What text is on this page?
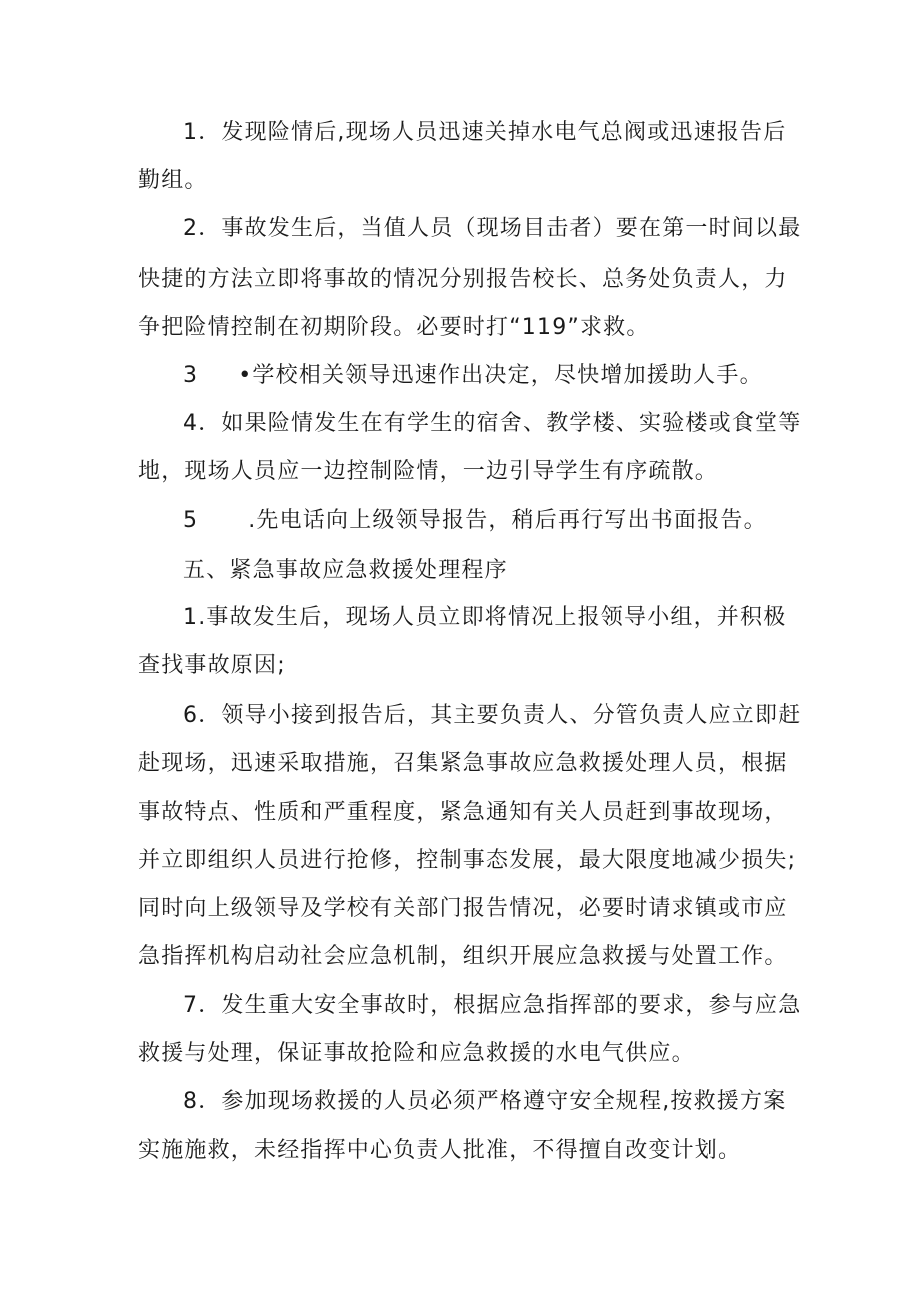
1．发现险情后,现场人员迅速关掉水电气总阀或迅速报告后
勤组。
2．事故发生后，当值人员（现场目击者）要在第一时间以最
快捷的方法立即将事故的情况分别报告校长、总务处负责人，力
争把险情控制在初期阶段。必要时打“119”求救。
3 •学校相关领导迅速作出决定，尽快增加援助人手。
4．如果险情发生在有学生的宿舍、教学楼、实验楼或食堂等
地，现场人员应一边控制险情，一边引导学生有序疏散。
5 .先电话向上级领导报告，稍后再行写出书面报告。
五、紧急事故应急救援处理程序
1.事故发生后，现场人员立即将情况上报领导小组，并积极
查找事故原因;
6．领导小接到报告后，其主要负责人、分管负责人应立即赶
赴现场，迅速采取措施，召集紧急事故应急救援处理人员，根据
事故特点、性质和严重程度，紧急通知有关人员赶到事故现场，
并立即组织人员进行抢修，控制事态发展，最大限度地减少损失;
同时向上级领导及学校有关部门报告情况，必要时请求镇或市应
急指挥机构启动社会应急机制，组织开展应急救援与处置工作。
7．发生重大安全事故时，根据应急指挥部的要求，参与应急
救援与处理，保证事故抢险和应急救援的水电气供应。
8．参加现场救援的人员必须严格遵守安全规程,按救援方案
实施施救，未经指挥中心负责人批准，不得擅自改变计划。
